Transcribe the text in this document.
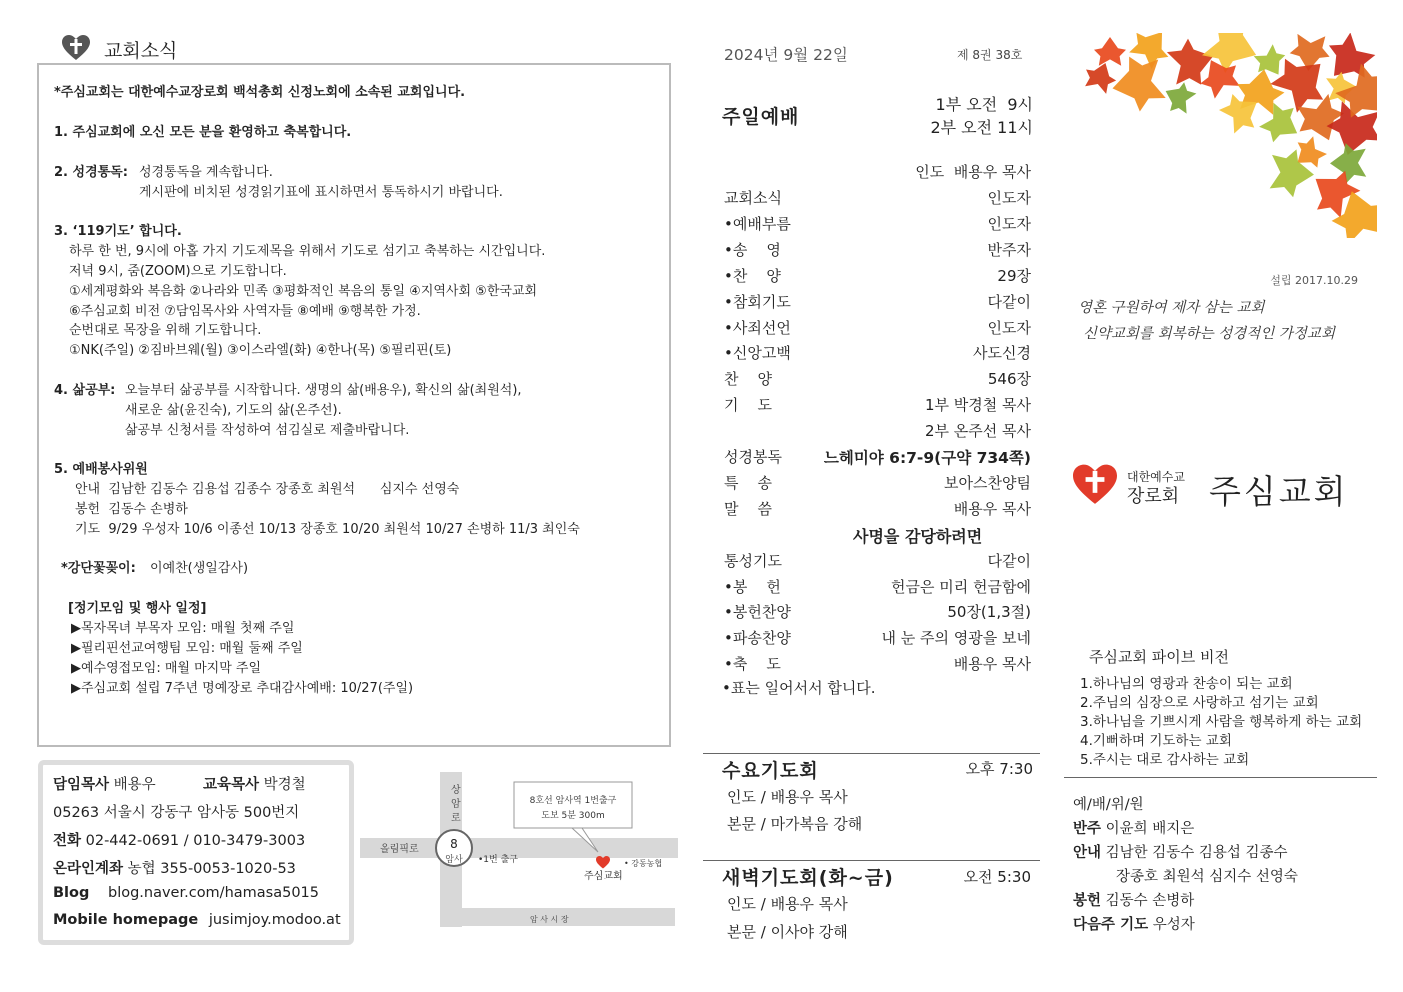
교회소식
*주심교회는 대한예수교장로회 백석총회 신정노회에 소속된 교회입니다.
1. 주심교회에 오신 모든 분을 환영하고 축복합니다.
2. 성경통독: 성경통독을 계속합니다.
게시판에 비치된 성경읽기표에 표시하면서 통독하시기 바랍니다.
3. ‘119기도’ 합니다.
하루 한 번, 9시에 아홉 가지 기도제목을 위해서 기도로 섬기고 축복하는 시간입니다.
저녁 9시, 줌(ZOOM)으로 기도합니다.
①세계평화와 복음화 ②나라와 민족 ③평화적인 복음의 통일 ④지역사회 ⑤한국교회
⑥주심교회 비전 ⑦담임목사와 사역자들 ⑧예배 ⑨행복한 가정.
순번대로 목장을 위해 기도합니다.
①NK(주일) ②짐바브웨(월) ③이스라엘(화) ④한나(목) ⑤필리핀(토)
4. 삶공부: 오늘부터 삶공부를 시작합니다. 생명의 삶(배용우), 확신의 삶(최원석),
새로운 삶(윤진숙), 기도의 삶(온주선).
삶공부 신청서를 작성하여 섬김실로 제출바랍니다.
5. 예배봉사위원
안내  김남한 김동수 김용섭 김종수 장종호 최원석      심지수 선영숙
봉헌  김동수 손병하
기도  9/29 우성자 10/6 이종선 10/13 장종호 10/20 최원석 10/27 손병하 11/3 최인숙
*강단꽃꽂이: 이예찬(생일감사)
[정기모임 및 행사 일정]
▶목자목녀 부목자 모임: 매월 첫째 주일
▶필리핀선교여행팀 모임: 매월 둘째 주일
▶예수영접모임: 매월 마지막 주일
▶주심교회 설립 7주년 명예장로 추대감사예배: 10/27(주일)
담임목사 배용우	교육목사 박경철
05263 서울시 강동구 암사동 500번지
전화 02-442-0691 / 010-3479-3003
온라인계좌 농협 355-0053-1020-53
Blog blog.naver.com/hamasa5015
Mobile homepage jusimjoy.modoo.at
상 암 로
올림픽로	8
암사 •1번 출구
8호선 암사역 1번출구
도보 5분 300m
주심교회
• 강동농협
암 사 시 장
2024년 9월 22일	제 8권 38호
주일예배
1부 오전  9시
2부 오전 11시
인도  배용우 목사
교회소식	인도자
•예배부름	인도자
•송    영	반주자
•찬    양	29장
•참회기도	다같이
•사죄선언	인도자
•신앙고백	사도신경
찬    양	546장
기    도	1부 박경철 목사
2부 온주선 목사
성경봉독	느헤미야 6:7-9(구약 734쪽)
특    송	보아스찬양팀
말    씀	배용우 목사
사명을 감당하려면
통성기도	다같이
•봉    헌	헌금은 미리 헌금함에
•봉헌찬양	50장(1,3절)
•파송찬양	내 눈 주의 영광을 보네
•축    도	배용우 목사
•표는 일어서서 합니다.
수요기도회	오후 7:30
인도 / 배용우 목사
본문 / 마가복음 강해
새벽기도회(화~금)	오전 5:30
인도 / 배용우 목사
본문 / 이사야 강해
설립 2017.10.29
영혼 구원하여 제자 삼는 교회
신약교회를 회복하는 성경적인 가정교회
대한예수교
장로회 주심교회
주심교회 파이브 비전
1.하나님의 영광과 찬송이 되는 교회
2.주님의 심장으로 사랑하고 섬기는 교회
3.하나님을 기쁘시게 사람을 행복하게 하는 교회
4.기뻐하며 기도하는 교회
5.주시는 대로 감사하는 교회
예/배/위/원
반주 이윤희 배지은
안내 김남한 김동수 김용섭 김종수
장종호 최원석 심지수 선영숙
봉헌 김동수 손병하
다음주 기도 우성자
